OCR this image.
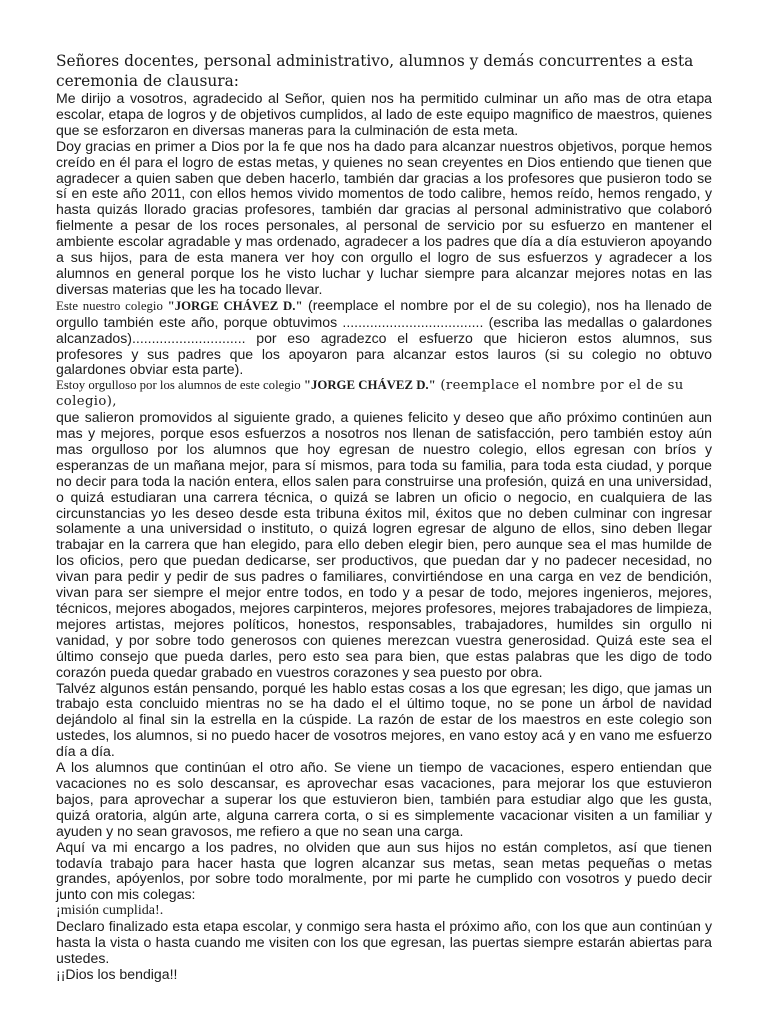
Señores docentes, personal administrativo, alumnos y demás concurrentes a esta ceremonia de clausura:

Me dirijo a vosotros, agradecido al Señor, quien nos ha permitido culminar un año mas de otra etapa escolar, etapa de logros y de objetivos cumplidos, al lado de este equipo magnifico de maestros, quienes que se esforzaron en diversas maneras para la culminación de esta meta.

Doy gracias en primer a Dios por la fe que nos ha dado para alcanzar nuestros objetivos, porque hemos creído en él para el logro de estas metas, y quienes no sean creyentes en Dios entiendo que tienen que agradecer a quien saben que deben hacerlo, también dar gracias a los profesores que pusieron todo se sí en este año 2011, con ellos hemos vivido momentos de todo calibre, hemos reído, hemos rengado, y hasta quizás llorado gracias profesores, también dar gracias al personal administrativo que colaboró fielmente a pesar de los roces personales, al personal de servicio por su esfuerzo en mantener el ambiente escolar agradable y mas ordenado, agradecer a los padres que día a día estuvieron apoyando a sus hijos, para de esta manera ver hoy con orgullo el logro de sus esfuerzos y agradecer a los alumnos en general porque los he visto luchar y luchar siempre para alcanzar mejores notas en las diversas materias que les ha tocado llevar.

Este nuestro colegio "JORGE CHÁVEZ D." (reemplace el nombre por el de su colegio), nos ha llenado de orgullo también este año, porque obtuvimos .................................... (escriba las medallas o galardones alcanzados)............................. por eso agradezco el esfuerzo que hicieron estos alumnos, sus profesores y sus padres que los apoyaron para alcanzar estos lauros (si su colegio no obtuvo galardones obviar esta parte).

Estoy orgulloso por los alumnos de este colegio "JORGE CHÁVEZ D." (reemplace el nombre por el de su colegio),

que salieron promovidos al siguiente grado, a quienes felicito y deseo que año próximo continúen aun mas y mejores, porque esos esfuerzos a nosotros nos llenan de satisfacción, pero también estoy aún mas orgulloso por los alumnos que hoy egresan de nuestro colegio, ellos egresan con bríos y esperanzas de un mañana mejor, para sí mismos, para toda su familia, para toda esta ciudad, y porque no decir para toda la nación entera, ellos salen para construirse una profesión, quizá en una universidad, o quizá estudiaran una carrera técnica, o quizá se labren un oficio o negocio, en cualquiera de las circunstancias yo les deseo desde esta tribuna éxitos mil, éxitos que no deben culminar con ingresar solamente a una universidad o instituto, o quizá logren egresar de alguno de ellos, sino deben llegar trabajar en la carrera que han elegido, para ello deben elegir bien, pero aunque sea el mas humilde de los oficios, pero que puedan dedicarse, ser productivos, que puedan dar y no padecer necesidad, no vivan para pedir y pedir de sus padres o familiares, convirtiéndose en una carga en vez de bendición, vivan para ser siempre el mejor entre todos, en todo y a pesar de todo, mejores ingenieros, mejores, técnicos, mejores abogados, mejores carpinteros, mejores profesores, mejores trabajadores de limpieza, mejores artistas, mejores políticos, honestos, responsables, trabajadores, humildes sin orgullo ni vanidad, y por sobre todo generosos con quienes merezcan vuestra generosidad. Quizá este sea el último consejo que pueda darles, pero esto sea para bien, que estas palabras que les digo de todo corazón pueda quedar grabado en vuestros corazones y sea puesto por obra.

Talvéz algunos están pensando, porqué les hablo estas cosas a los que egresan; les digo, que jamas un trabajo esta concluido mientras no se ha dado el el último toque, no se pone un árbol de navidad dejándolo al final sin la estrella en la cúspide. La razón de estar de los maestros en este colegio son ustedes, los alumnos, si no puedo hacer de vosotros mejores, en vano estoy acá y en vano me esfuerzo día a día.

A los alumnos que continúan el otro año. Se viene un tiempo de vacaciones, espero entiendan que vacaciones no es solo descansar, es aprovechar esas vacaciones, para mejorar los que estuvieron bajos, para aprovechar a superar los que estuvieron bien, también para estudiar algo que les gusta, quizá oratoria, algún arte, alguna carrera corta, o si es simplemente vacacionar visiten a un familiar y ayuden y no sean gravosos, me refiero a que no sean una carga.

Aquí va mi encargo a los padres, no olviden que aun sus hijos no están completos, así que tienen todavía trabajo para hacer hasta que logren alcanzar sus metas, sean metas pequeñas o metas grandes, apóyenlos, por sobre todo moralmente, por mi parte he cumplido con vosotros y puedo decir junto con mis colegas:

¡misión cumplida!.

Declaro finalizado esta etapa escolar, y conmigo sera hasta el próximo año, con los que aun continúan y hasta la vista o hasta cuando me visiten con los que egresan, las puertas siempre estarán abiertas para ustedes.

¡¡Dios los bendiga!!
